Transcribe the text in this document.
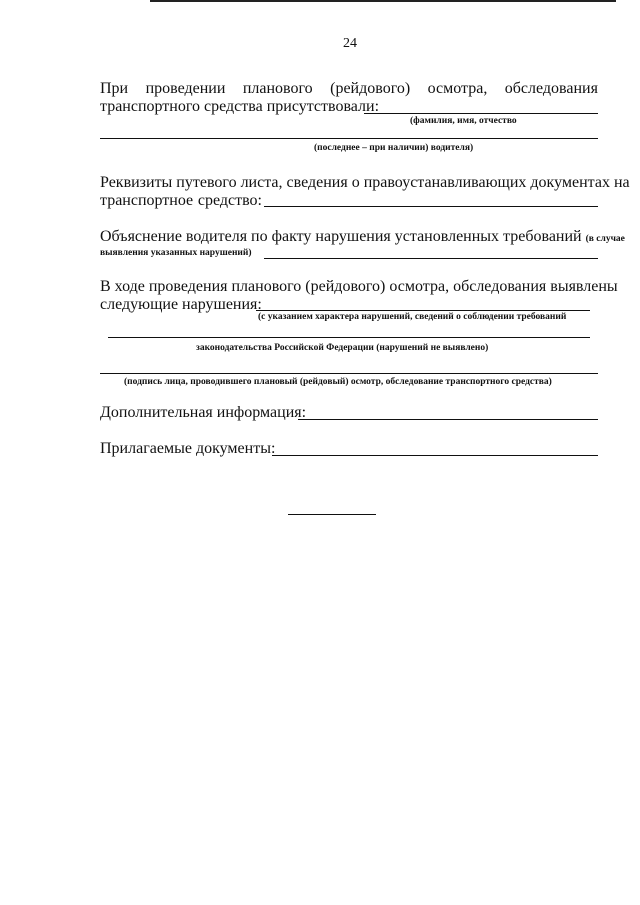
24
При проведении планового (рейдового) осмотра, обследования
транспортного средства присутствовали:
(фамилия, имя, отчество
(последнее – при наличии) водителя)
Реквизиты путевого листа, сведения о правоустанавливающих документах на
транспортное средство:
Объяснение водителя по факту нарушения установленных требований (в случае
выявления указанных нарушений)
В ходе проведения планового (рейдового) осмотра, обследования выявлены
следующие нарушения:
(с указанием характера нарушений, сведений о соблюдении требований
законодательства Российской Федерации (нарушений не выявлено)
(подпись лица, проводившего плановый (рейдовый) осмотр, обследование транспортного средства)
Дополнительная информация:
Прилагаемые документы:
